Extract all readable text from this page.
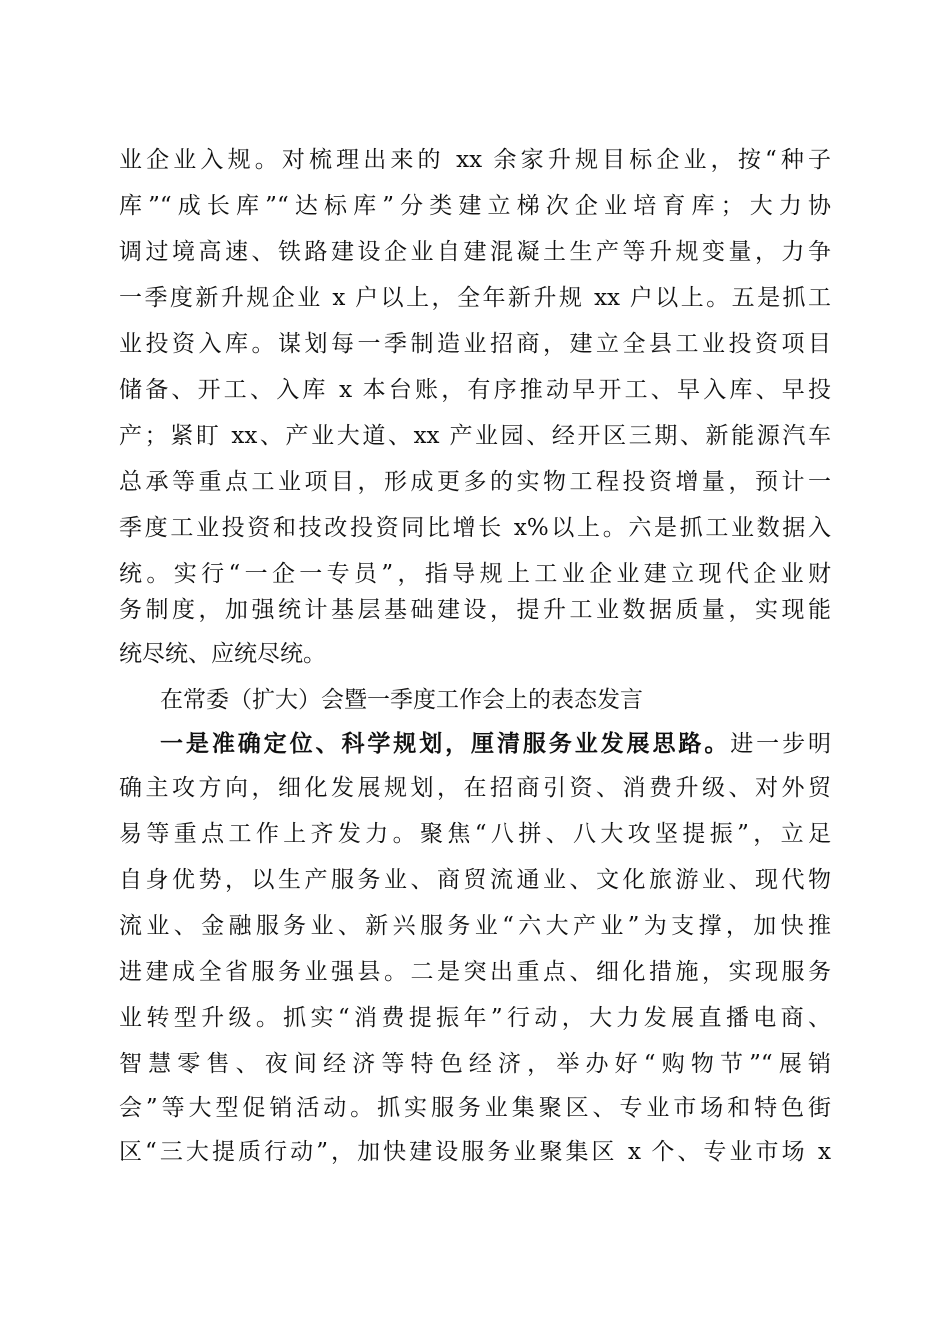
业企业入规。对梳理出来的 xx 余家升规目标企业，按“种子
库”“成长库”“达标库”分类建立梯次企业培育库；大力协
调过境高速、铁路建设企业自建混凝土生产等升规变量，力争
一季度新升规企业 x 户以上，全年新升规 xx 户以上。五是抓工
业投资入库。谋划每一季制造业招商，建立全县工业投资项目
储备、开工、入库 x 本台账，有序推动早开工、早入库、早投
产；紧盯 xx、产业大道、xx 产业园、经开区三期、新能源汽车
总承等重点工业项目，形成更多的实物工程投资增量，预计一
季度工业投资和技改投资同比增长 x%以上。六是抓工业数据入
统。实行“一企一专员”，指导规上工业企业建立现代企业财
务制度，加强统计基层基础建设，提升工业数据质量，实现能
统尽统、应统尽统。
在常委（扩大）会暨一季度工作会上的表态发言
一是准确定位、科学规划，厘清服务业发展思路。进一步明
确主攻方向，细化发展规划，在招商引资、消费升级、对外贸
易等重点工作上齐发力。聚焦“八拼、八大攻坚提振”，立足
自身优势，以生产服务业、商贸流通业、文化旅游业、现代物
流业、金融服务业、新兴服务业“六大产业”为支撑，加快推
进建成全省服务业强县。二是突出重点、细化措施，实现服务
业转型升级。抓实“消费提振年”行动，大力发展直播电商、
智慧零售、夜间经济等特色经济，举办好“购物节”“展销
会”等大型促销活动。抓实服务业集聚区、专业市场和特色街
区“三大提质行动”，加快建设服务业聚集区 x 个、专业市场 x
